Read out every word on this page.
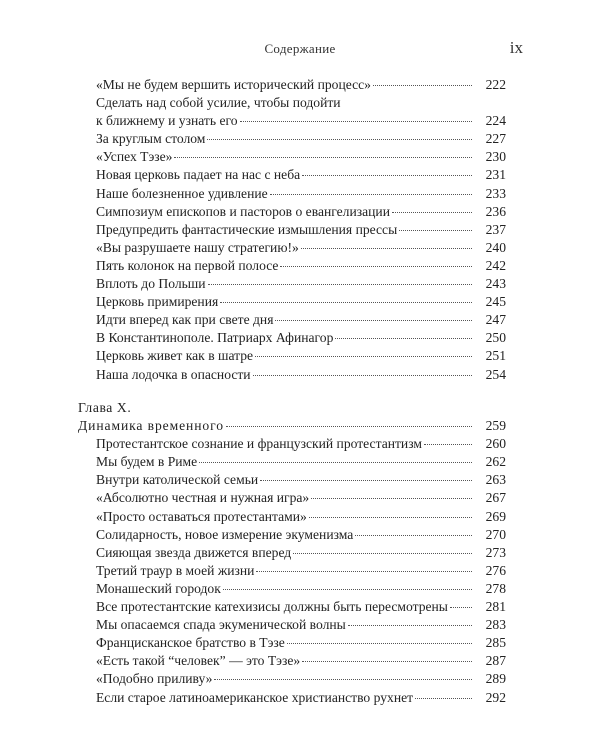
Содержание	ix
«Мы не будем вершить исторический процесс»	222
Сделать над собой усилие, чтобы подойти
к ближнему и узнать его	224
За круглым столом	227
«Успех Тэзе»	230
Новая церковь падает на нас с неба	231
Наше болезненное удивление	233
Симпозиум епископов и пасторов о евангелизации	236
Предупредить фантастические измышления прессы	237
«Вы разрушаете нашу стратегию!»	240
Пять колонок на первой полосе	242
Вплоть до Польши	243
Церковь примирения	245
Идти вперед как при свете дня	247
В Константинополе. Патриарх Афинагор	250
Церковь живет как в шатре	251
Наша лодочка в опасности	254
Глава X.
Динамика временного	259
Протестантское сознание и французский протестантизм	260
Мы будем в Риме	262
Внутри католической семьи	263
«Абсолютно честная и нужная игра»	267
«Просто оставаться протестантами»	269
Солидарность, новое измерение экуменизма	270
Сияющая звезда движется вперед	273
Третий траур в моей жизни	276
Монашеский городок	278
Все протестантские катехизисы должны быть пересмотрены	281
Мы опасаемся спада экуменической волны	283
Францисканское братство в Тэзе	285
«Есть такой “человек” — это Тэзе»	287
«Подобно приливу»	289
Если старое латиноамериканское христианство рухнет	292
